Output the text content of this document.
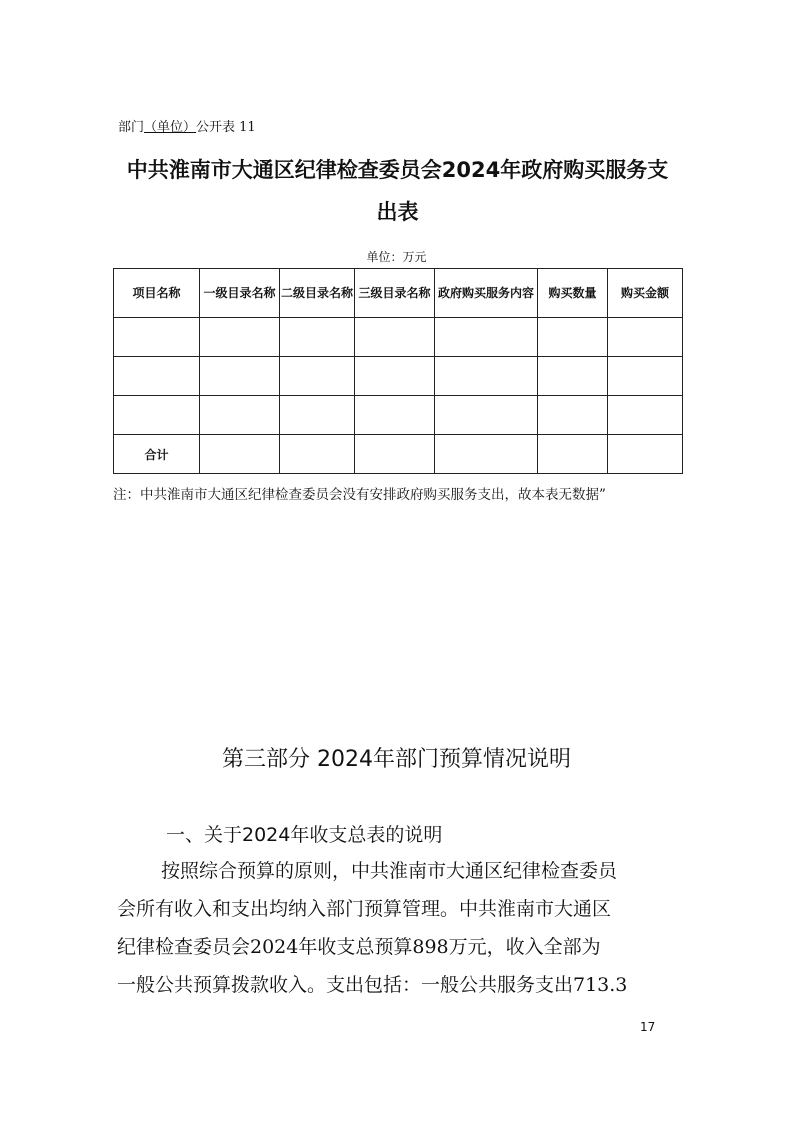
部门（单位）公开表 11
中共淮南市大通区纪律检查委员会2024年政府购买服务支
出表
单位：万元
项目名称	一级目录名称	二级目录名称	三级目录名称	政府购买服务内容	购买数量	购买金额

合计						
注：中共淮南市大通区纪律检查委员会没有安排政府购买服务支出，故本表无数据”
第三部分 2024年部门预算情况说明
一、关于2024年收支总表的说明
按照综合预算的原则，中共淮南市大通区纪律检查委员
会所有收入和支出均纳入部门预算管理。中共淮南市大通区
纪律检查委员会2024年收支总预算898万元，收入全部为
一般公共预算拨款收入。支出包括：一般公共服务支出713.3
17
